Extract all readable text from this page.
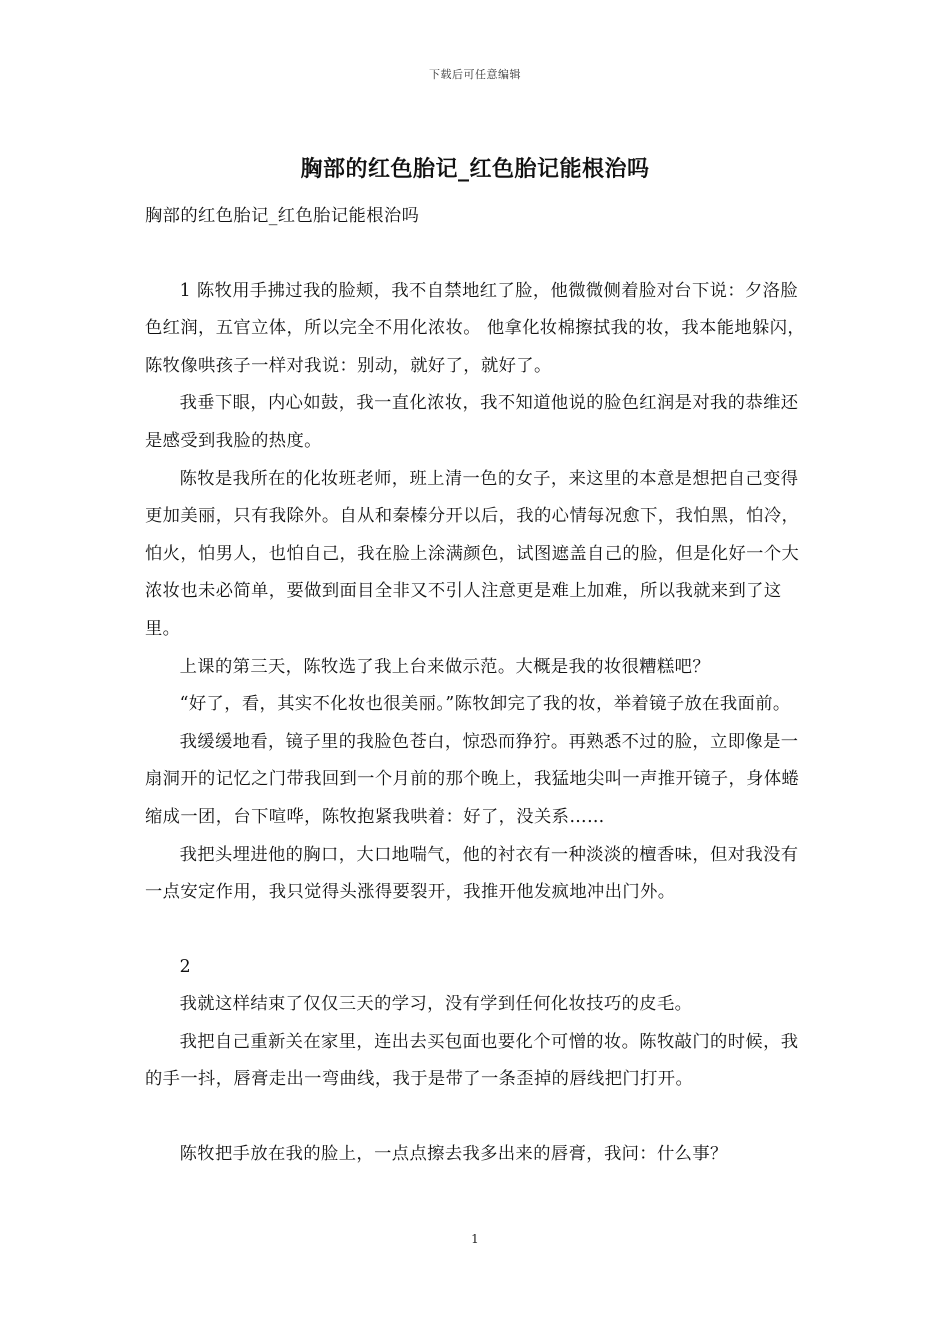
下载后可任意编辑
胸部的红色胎记_红色胎记能根治吗

胸部的红色胎记_红色胎记能根治吗

1 陈牧用手拂过我的脸颊，我不自禁地红了脸，他微微侧着脸对台下说：夕洛脸色红润，五官立体，所以完全不用化浓妆。 他拿化妆棉擦拭我的妆，我本能地躲闪，陈牧像哄孩子一样对我说：别动，就好了，就好了。

我垂下眼，内心如鼓，我一直化浓妆，我不知道他说的脸色红润是对我的恭维还是感受到我脸的热度。

陈牧是我所在的化妆班老师，班上清一色的女子，来这里的本意是想把自己变得更加美丽，只有我除外。自从和秦榛分开以后，我的心情每况愈下，我怕黑，怕冷，怕火，怕男人，也怕自己，我在脸上涂满颜色，试图遮盖自己的脸，但是化好一个大浓妆也未必简单，要做到面目全非又不引人注意更是难上加难，所以我就来到了这里。

上课的第三天，陈牧选了我上台来做示范。大概是我的妆很糟糕吧？

“好了，看，其实不化妆也很美丽。”陈牧卸完了我的妆，举着镜子放在我面前。

我缓缓地看，镜子里的我脸色苍白，惊恐而狰狞。再熟悉不过的脸，立即像是一扇洞开的记忆之门带我回到一个月前的那个晚上，我猛地尖叫一声推开镜子，身体蜷缩成一团，台下喧哗，陈牧抱紧我哄着：好了，没关系……

我把头埋进他的胸口，大口地喘气，他的衬衣有一种淡淡的檀香味，但对我没有一点安定作用，我只觉得头涨得要裂开，我推开他发疯地冲出门外。

2

我就这样结束了仅仅三天的学习，没有学到任何化妆技巧的皮毛。

我把自己重新关在家里，连出去买包面也要化个可憎的妆。陈牧敲门的时候，我的手一抖，唇膏走出一弯曲线，我于是带了一条歪掉的唇线把门打开。

陈牧把手放在我的脸上，一点点擦去我多出来的唇膏，我问：什么事？

1
